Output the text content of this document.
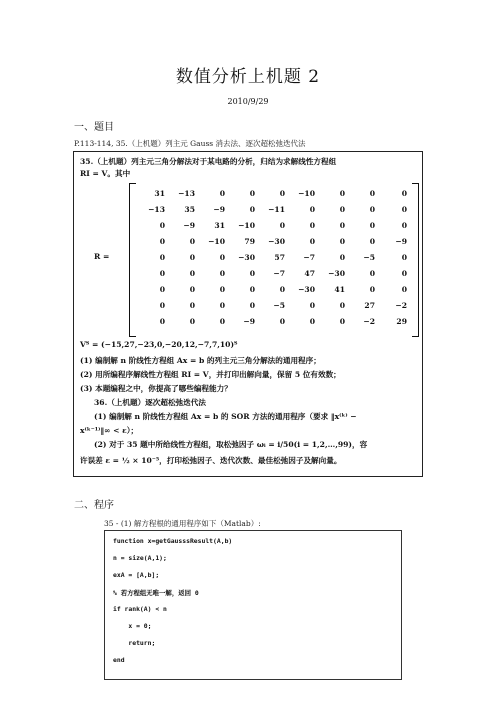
数值分析上机题 2
2010/9/29
一、题目
P.113-114, 35.（上机题）列主元 Gauss 消去法、逐次超松弛迭代法
35.（上机题）列主元三角分解法对于某电路的分析，归结为求解线性方程组
RI = V。其中
R =
31	−13	0	0	0	−10	0	0	0
−13	35	−9	0	−11	0	0	0	0
0	−9	31	−10	0	0	0	0	0
0	0	−10	79	−30	0	0	0	−9
0	0	0	−30	57	−7	0	−5	0
0	0	0	0	−7	47	−30	0	0
0	0	0	0	0	−30	41	0	0
0	0	0	0	−5	0	0	27	−2
0	0	0	−9	0	0	0	−2	29
Vᵀ = (−15,27,−23,0,−20,12,−7,7,10)ᵀ
(1) 编制解 n 阶线性方程组 Ax = b 的列主元三角分解法的通用程序；
(2) 用所编程序解线性方程组 RI = V，并打印出解向量，保留 5 位有效数；
(3) 本题编程之中，你提高了哪些编程能力？
36.（上机题）逐次超松弛迭代法
(1) 编制解 n 阶线性方程组 Ax = b 的 SOR 方法的通用程序（要求 ‖x⁽ᵏ⁾ −
x⁽ᵏ⁻¹⁾‖∞ < ε）；
(2) 对于 35 题中所给线性方程组，取松弛因子 ωᵢ = i/50(i = 1,2,…,99)，容
许误差 ε = ½ × 10⁻⁵，打印松弛因子、迭代次数、最佳松弛因子及解向量。
二、程序
35 - (1) 解方程根的通用程序如下（Matlab）:
function x=getGausssResult(A,b)
n = size(A,1);
exA = [A,b];
% 若方程组无唯一解，返回 0
if rank(A) < n
x = 0;
return;
end
